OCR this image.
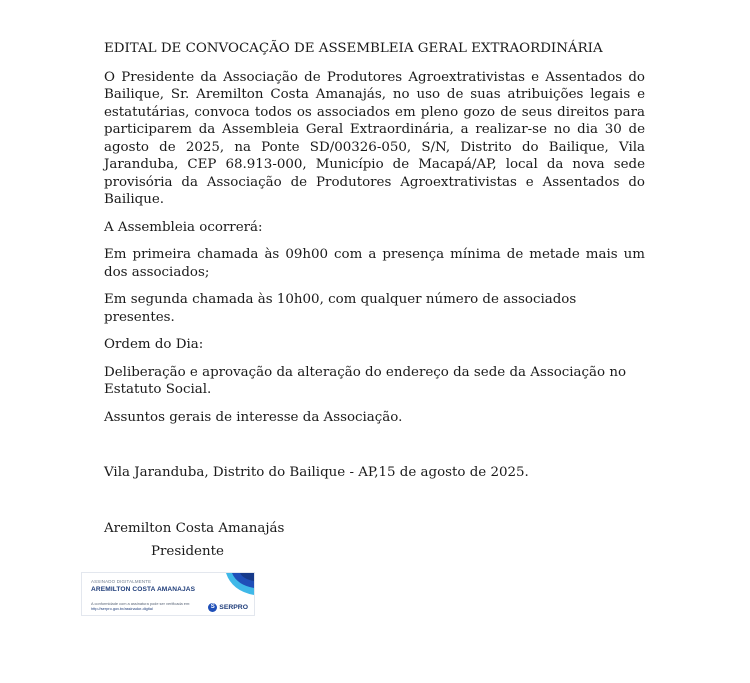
EDITAL DE CONVOCAÇÃO DE ASSEMBLEIA GERAL EXTRAORDINÁRIA

O Presidente da Associação de Produtores Agroextrativistas e Assentados do Bailique, Sr. Aremilton Costa Amanajás, no uso de suas atribuições legais e estatutárias, convoca todos os associados em pleno gozo de seus direitos para participarem da Assembleia Geral Extraordinária, a realizar-se no dia 30 de agosto de 2025, na Ponte SD/00326-050, S/N, Distrito do Bailique, Vila Jaranduba, CEP 68.913-000, Município de Macapá/AP, local da nova sede provisória da Associação de Produtores Agroextrativistas e Assentados do Bailique.

A Assembleia ocorrerá:

Em primeira chamada às 09h00 com a presença mínima de metade mais um dos associados;

Em segunda chamada às 10h00, com qualquer número de associados presentes.

Ordem do Dia:

Deliberação e aprovação da alteração do endereço da sede da Associação no Estatuto Social.

Assuntos gerais de interesse da Associação.

Vila Jaranduba, Distrito do Bailique - AP,15 de agosto de 2025.

Aremilton Costa Amanajás

Presidente

ASSINADO DIGITALMENTE
AREMILTON COSTA AMANAJAS
A conformidade com a assinatura pode ser verificada em:
http://serpro.gov.br/assinador-digital	S SERPRO
